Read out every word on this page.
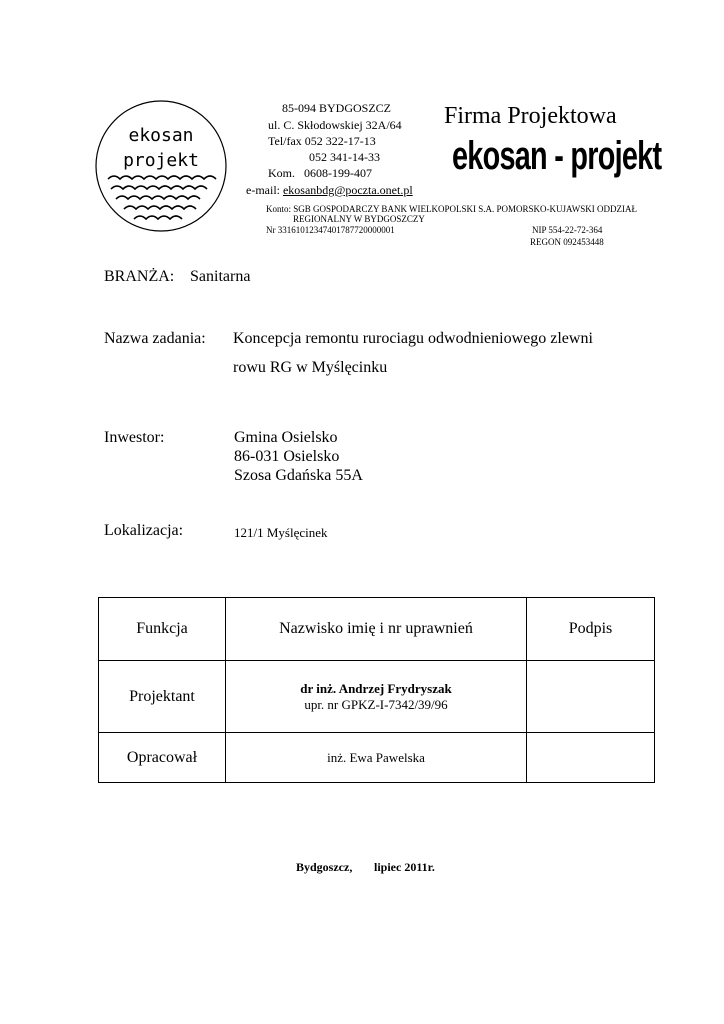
ekosan
projekt
85-094 BYDGOSZCZ
ul. C. Skłodowskiej 32A/64
Tel/fax 052 322-17-13
052 341-14-33
Kom. 0608-199-407
e-mail: ekosanbdg@poczta.onet.pl
Firma Projektowa
ekosan - projekt
Konto: SGB GOSPODARCZY BANK WIELKOPOLSKI S.A. POMORSKO-KUJAWSKI ODDZIAŁ
REGIONALNY W BYDGOSZCZY
Nr 33161012347401787720000001	NIP 554-22-72-364
REGON 092453448
BRANŻA: Sanitarna
Nazwa zadania: Koncepcja remontu rurociagu odwodnieniowego zlewni
rowu RG w Myślęcinku
Inwestor:	Gmina Osielsko
86-031 Osielsko
Szosa Gdańska 55A
Lokalizacja:	121/1 Myślęcinek
Funkcja	Nazwisko imię i nr uprawnień	Podpis
Projektant	dr inż. Andrzej Frydryszak
upr. nr GPKZ-I-7342/39/96	

Opracował	inż. Ewa Pawelska	

Bydgoszcz, lipiec 2011r.
